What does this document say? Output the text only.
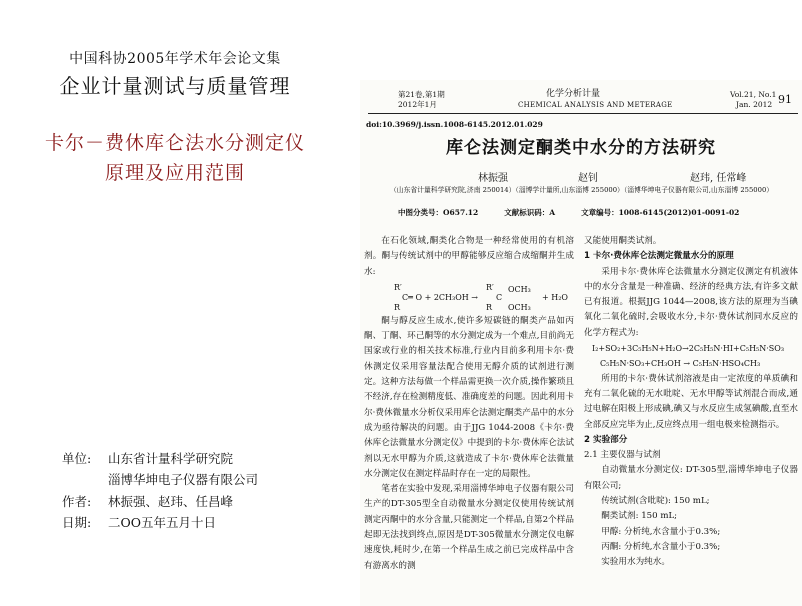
中国科协2005年学术年会论文集
企业计量测试与质量管理
卡尔－费休库仑法水分测定仪
原理及应用范围
单位: 山东省计量科学研究院
淄博华坤电子仪器有限公司
作者: 林振强、赵玮、任昌峰
日期: 二OO五年五月十日
第21卷,第1期
2012年1月
化学分析计量
CHEMICAL ANALYSIS AND METERAGE
Vol.21, No.1
Jan. 2012 91
doi:10.3969/j.issn.1008-6145.2012.01.029
库仑法测定酮类中水分的方法研究
林振强	赵钊	赵玮, 任常峰
（山东省计量科学研究院,济南 250014）（淄博学计量所,山东淄博 255000）（淄博华坤电子仪器有限公司,山东淄博 255000）
中图分类号：O657.12	文献标识码：A	文章编号：1008-6145(2012)01-0091-02

在石化领域,酮类化合物是一种经常使用的有机溶剂。酮与传统试剂中的甲醇能够反应缩合成缩酮并生成水:

R′
C═ O + 2CH₃OH →
R
R′
C
OCH₃
+ H₂O
R OCH₃

酮与醇反应生成水,使许多短碳链的酮类产品如丙酮、丁酮、环己酮等的水分测定成为一个难点,目前尚无国家或行业的相关技术标准,行业内目前多利用卡尔·费休测定仪采用容量法配合使用无醇介质的试剂进行测定。这种方法每做一个样品需更换一次介质,操作繁琐且不经济,存在检测精度低、准确度差的问题。因此利用卡尔·费休微量水分析仪采用库仑法测定酮类产品中的水分成为亟待解决的问题。由于JJG 1044-2008《卡尔·费休库仑法微量水分测定仪》中提到的卡尔·费休库仑法试剂以无水甲醇为介质,这就造成了卡尔·费休库仑法微量水分测定仪在测定样品时存在一定的局限性。

笔者在实验中发现,采用淄博华坤电子仪器有限公司生产的DT-305型全自动微量水分测定仪使用传统试剂测定丙酮中的水分含量,只能测定一个样品,自第2个样品起即无法找到终点,原因是DT-305微量水分测定仪电解速度快,耗时少,在第一个样品生成之前已完成样品中含有游离水的测

又能使用酮类试剂。

1 卡尔·费休库仑法测定微量水分的原理

采用卡尔·费休库仑法微量水分测定仪测定有机液体中的水分含量是一种准确、经济的经典方法,有许多文献已有报道。根据JJG 1044—2008,该方法的原理为当碘氧化二氧化硫时,会吸收水分,卡尔·费休试剂同水反应的化学方程式为:

I₂+SO₂+3C₅H₅N+H₂O→2C₅H₅N·HI+C₅H₅N·SO₃
C₅H₅N·SO₃+CH₃OH → C₅H₅N·HSO₄CH₃

所用的卡尔·费休试剂溶液是由一定浓度的单质碘和充有二氧化硫的无水吡啶、无水甲醇等试剂混合而成,通过电解在阳极上形成碘,碘又与水反应生成氢碘酸,直至水全部反应完毕为止,反应终点用一组电极来检测指示。

2 实验部分
2.1 主要仪器与试剂

自动微量水分测定仪: DT-305型,淄博华坤电子仪器有限公司;

传统试剂(含吡啶): 150 mL;

酮类试剂: 150 mL;

甲醇: 分析纯,水含量小于0.3%;

丙酮: 分析纯,水含量小于0.3%;

实验用水为纯水。
